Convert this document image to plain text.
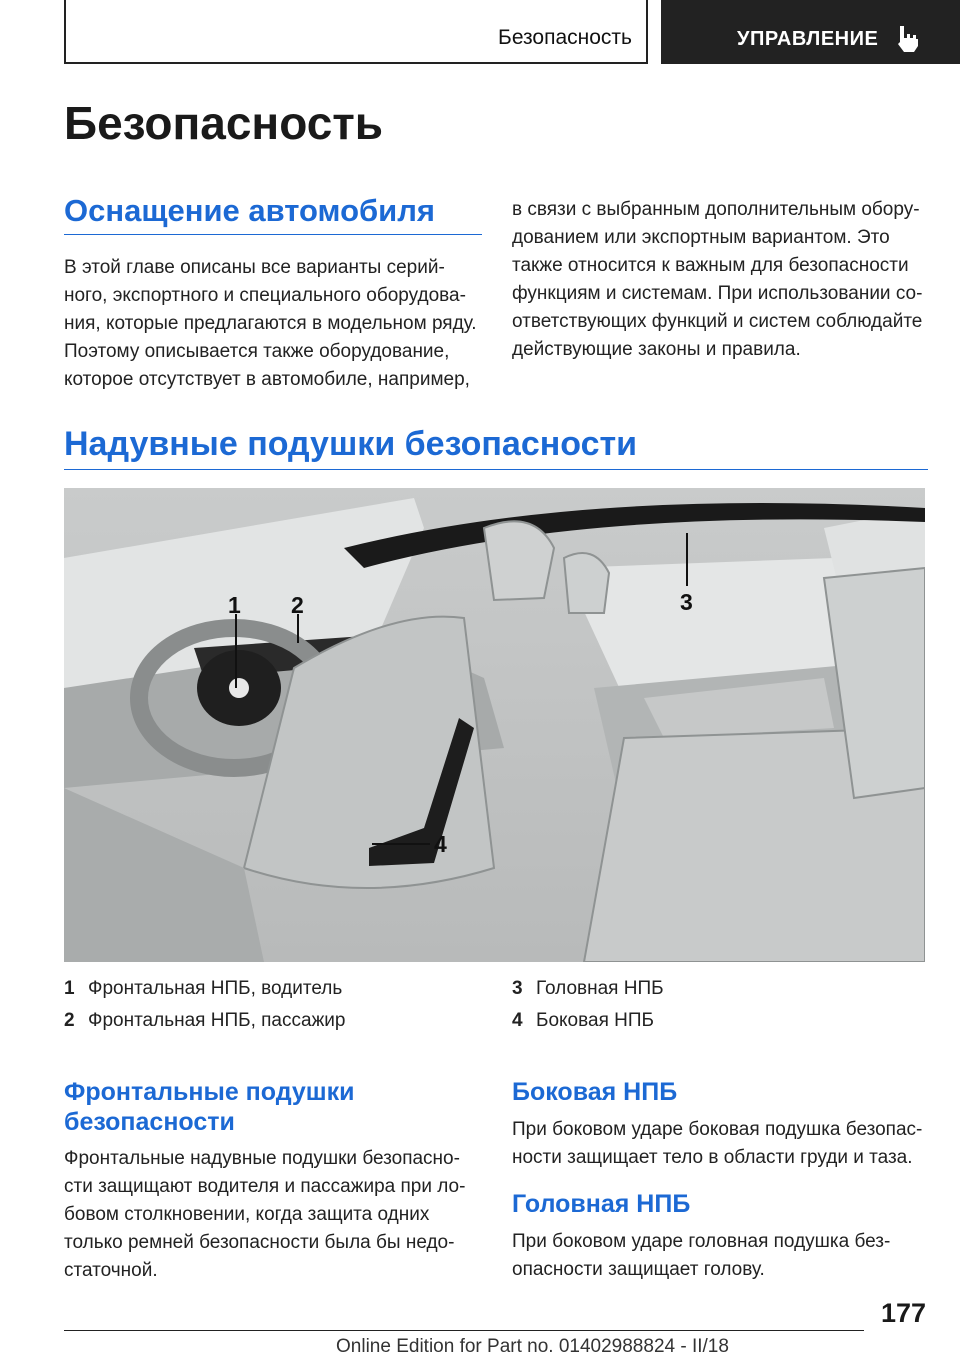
Безопасность	УПРАВЛЕНИЕ
Безопасность
Оснащение автомобиля

В этой главе описаны все варианты серий-
ного, экспортного и специального оборудова-
ния, которые предлагаются в модельном ряду.
Поэтому описывается также оборудование,
которое отсутствует в автомобиле, например,

в связи с выбранным дополнительным обору-
дованием или экспортным вариантом. Это
также относится к важным для безопасности
функциям и системам. При использовании со-
ответствующих функций и систем соблюдайте
действующие законы и правила.

Надувные подушки безопасности
1 2	3
4
1 Фронтальная НПБ, водитель
2 Фронтальная НПБ, пассажир
3 Головная НПБ
4 Боковая НПБ
Фронтальные подушки
безопасности

Фронтальные надувные подушки безопасно-
сти защищают водителя и пассажира при ло-
бовом столкновении, когда защита одних
только ремней безопасности была бы недо-
статочной.

Боковая НПБ

При боковом ударе боковая подушка безопас-
ности защищает тело в области груди и таза.

Головная НПБ

При боковом ударе головная подушка без-
опасности защищает голову.

177
Online Edition for Part no. 01402988824 - II/18
